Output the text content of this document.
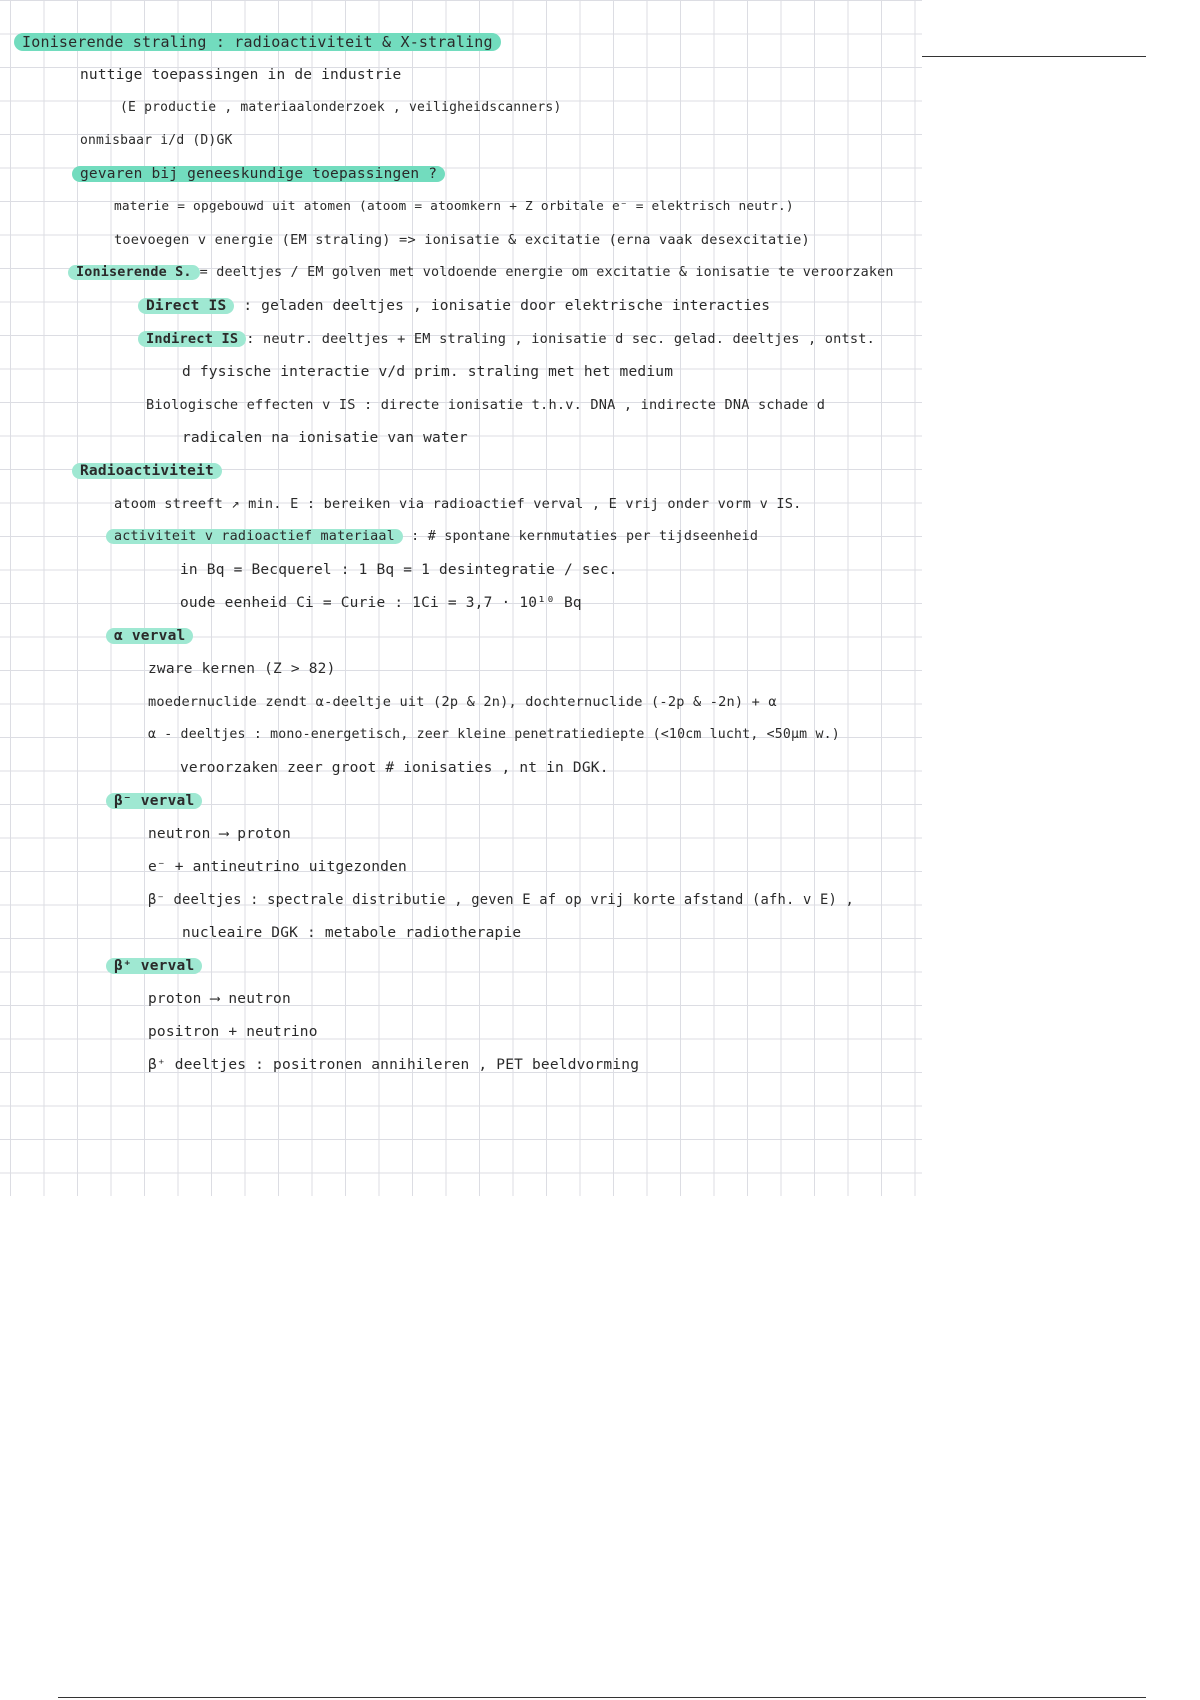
Ioniserende straling : radioactiviteit & X-straling
nuttige toepassingen in de industrie
(E productie , materiaalonderzoek , veiligheidscanners)
onmisbaar i/d (D)GK
gevaren bij geneeskundige toepassingen ?
materie = opgebouwd uit atomen (atoom = atoomkern + Z orbitale e⁻ = elektrisch neutr.)
toevoegen v energie (EM straling) => ionisatie & excitatie (erna vaak desexcitatie)
Ioniserende S. = deeltjes / EM golven met voldoende energie om excitatie & ionisatie te veroorzaken
Direct IS : geladen deeltjes , ionisatie door elektrische interacties
Indirect IS : neutr. deeltjes + EM straling , ionisatie d sec. gelad. deeltjes , ontst.
d fysische interactie v/d prim. straling met het medium
Biologische effecten v IS : directe ionisatie t.h.v. DNA , indirecte DNA schade d
radicalen na ionisatie van water
Radioactiviteit
atoom streeft ↗ min. E : bereiken via radioactief verval , E vrij onder vorm v IS.
activiteit v radioactief materiaal : # spontane kernmutaties per tijdseenheid
in Bq = Becquerel : 1 Bq = 1 desintegratie / sec.
oude eenheid Ci = Curie : 1Ci = 3,7 · 10¹⁰ Bq
α verval
zware kernen (Z > 82)
moedernuclide zendt α-deeltje uit (2p & 2n), dochternuclide (-2p & -2n) + α
α - deeltjes : mono-energetisch, zeer kleine penetratiediepte (<10cm lucht, <50µm w.)
veroorzaken zeer groot # ionisaties , nt in DGK.
β⁻ verval
neutron ⟶ proton
e⁻ + antineutrino uitgezonden
β⁻ deeltjes : spectrale distributie , geven E af op vrij korte afstand (afh. v E) ,
nucleaire DGK : metabole radiotherapie
β⁺ verval
proton ⟶ neutron
positron + neutrino
β⁺ deeltjes : positronen annihileren , PET beeldvorming
